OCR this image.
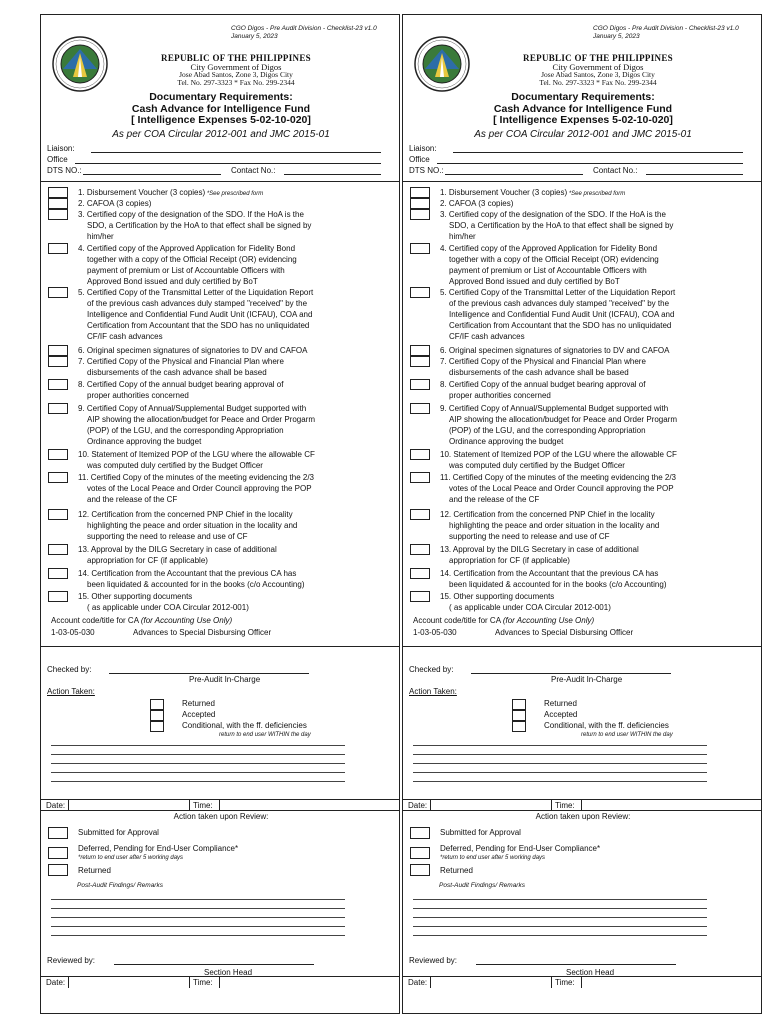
CGO Digos - Pre Audit Division - Checklist-23 v1.0
January 5, 2023
REPUBLIC OF THE PHILIPPINES
City Government of Digos
Jose Abad Santos, Zone 3, Digos City
Tel. No. 297-3323 * Fax No. 299-2344
Documentary Requirements:
Cash Advance for Intelligence Fund
[ Intelligence Expenses 5-02-10-020]
As per COA Circular 2012-001 and JMC 2015-01
Liaison:
Office
DTS NO.:	Contact No.:
1. Disbursement Voucher (3 copies) *See prescribed form
2. CAFOA (3 copies)
3. Certified copy of the designation of the SDO. If the HoA is the
SDO, a Certification by the HoA to that effect shall be signed by
him/her
4. Certified copy of the Approved Application for Fidelity Bond
together with a copy of the Official Receipt (OR) evidencing
payment of premium or List of Accountable Officers with
Approved Bond issued and duly certified by BoT
5. Certified Copy of the Transmittal Letter of the Liquidation Report
of the previous cash advances duly stamped "received" by the
Intelligence and Confidential Fund Audit Unit (ICFAU), COA and
Certification from Accountant that the SDO has no unliquidated
CF/IF cash advances
6. Original specimen signatures of signatories to DV and CAFOA
7. Certified Copy of the Physical and Financial Plan where
disbursements of the cash advance shall be based
8. Certified Copy of the annual budget bearing approval of
proper authorities concerned
9. Certified Copy of Annual/Supplemental Budget supported with
AIP showing the allocation/budget for Peace and Order Progarm
(POP) of the LGU, and the corresponding Appropriation
Ordinance approving the budget
10. Statement of Itemized POP of the LGU where the allowable CF
was computed duly certified by the Budget Officer
11. Certified Copy of the minutes of the meeting evidencing the 2/3
votes of the Local Peace and Order Council approving the POP
and the release of the CF
12. Certification from the concerned PNP Chief in the locality
highlighting the peace and order situation in the locality and
supporting the need to release and use of CF
13. Approval by the DILG Secretary in case of additional
appropriation for CF (if applicable)
14. Certification from the Accountant that the previous CA has
been liquidated & accounted for in the books (c/o Accounting)
15. Other supporting documents
( as applicable under COA Circular 2012-001)
Account code/title for CA (for Accounting Use Only)
1-03-05-030	Advances to Special Disbursing Officer
Checked by:
Pre-Audit In-Charge
Action Taken:
Returned
Accepted
Conditional, with the ff. deficiencies
return to end user WITHIN the day
Date:	Time:
Action taken upon Review:
Submitted for Approval
Deferred, Pending for End-User Compliance*
*return to end user after 5 working days
Returned
Post-Audit Findings/ Remarks
Reviewed by:
Section Head
Date:	Time:
CGO Digos - Pre Audit Division - Checklist-23 v1.0
January 5, 2023
REPUBLIC OF THE PHILIPPINES
City Government of Digos
Jose Abad Santos, Zone 3, Digos City
Tel. No. 297-3323 * Fax No. 299-2344
Documentary Requirements:
Cash Advance for Intelligence Fund
[ Intelligence Expenses 5-02-10-020]
As per COA Circular 2012-001 and JMC 2015-01
Liaison:
Office
DTS NO.:	Contact No.:
1. Disbursement Voucher (3 copies) *See prescribed form
2. CAFOA (3 copies)
3. Certified copy of the designation of the SDO. If the HoA is the
SDO, a Certification by the HoA to that effect shall be signed by
him/her
4. Certified copy of the Approved Application for Fidelity Bond
together with a copy of the Official Receipt (OR) evidencing
payment of premium or List of Accountable Officers with
Approved Bond issued and duly certified by BoT
5. Certified Copy of the Transmittal Letter of the Liquidation Report
of the previous cash advances duly stamped "received" by the
Intelligence and Confidential Fund Audit Unit (ICFAU), COA and
Certification from Accountant that the SDO has no unliquidated
CF/IF cash advances
6. Original specimen signatures of signatories to DV and CAFOA
7. Certified Copy of the Physical and Financial Plan where
disbursements of the cash advance shall be based
8. Certified Copy of the annual budget bearing approval of
proper authorities concerned
9. Certified Copy of Annual/Supplemental Budget supported with
AIP showing the allocation/budget for Peace and Order Progarm
(POP) of the LGU, and the corresponding Appropriation
Ordinance approving the budget
10. Statement of Itemized POP of the LGU where the allowable CF
was computed duly certified by the Budget Officer
11. Certified Copy of the minutes of the meeting evidencing the 2/3
votes of the Local Peace and Order Council approving the POP
and the release of the CF
12. Certification from the concerned PNP Chief in the locality
highlighting the peace and order situation in the locality and
supporting the need to release and use of CF
13. Approval by the DILG Secretary in case of additional
appropriation for CF (if applicable)
14. Certification from the Accountant that the previous CA has
been liquidated & accounted for in the books (c/o Accounting)
15. Other supporting documents
( as applicable under COA Circular 2012-001)
Account code/title for CA (for Accounting Use Only)
1-03-05-030	Advances to Special Disbursing Officer
Checked by:
Pre-Audit In-Charge
Action Taken:
Returned
Accepted
Conditional, with the ff. deficiencies
return to end user WITHIN the day
Date:	Time:
Action taken upon Review:
Submitted for Approval
Deferred, Pending for End-User Compliance*
*return to end user after 5 working days
Returned
Post-Audit Findings/ Remarks
Reviewed by:
Section Head
Date:	Time:
